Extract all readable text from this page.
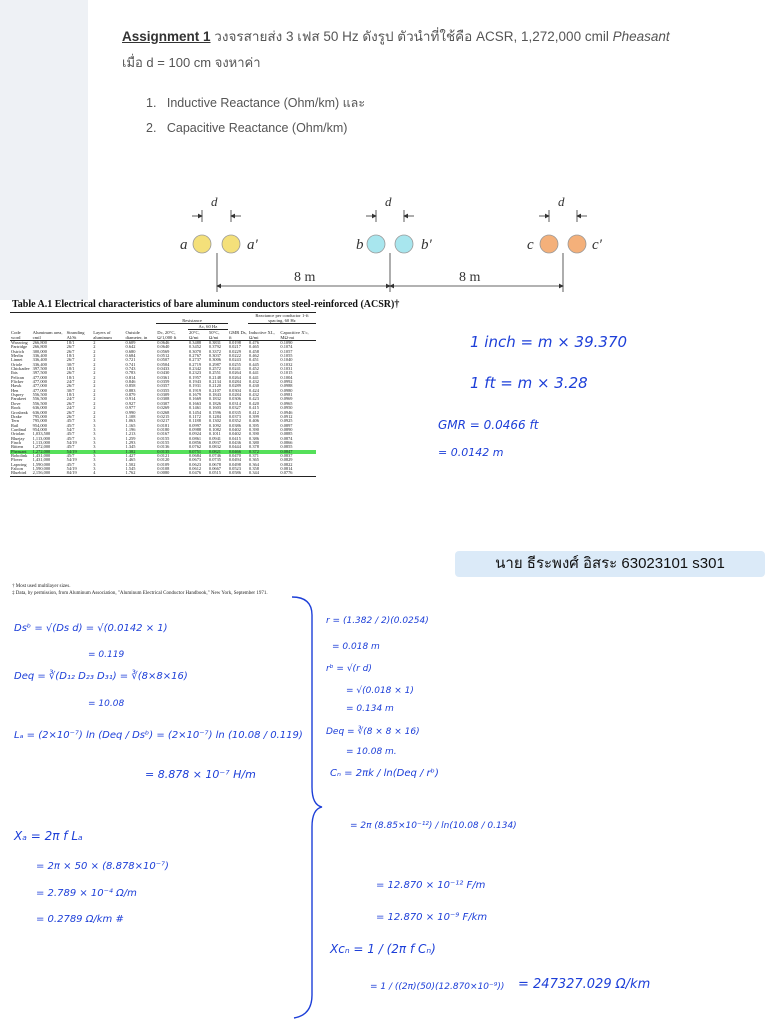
Assignment 1 วงจรสายส่ง 3 เฟส 50 Hz ดังรูป ตัวนำที่ใช้คือ ACSR, 1,272,000 cmil Pheasant
เมื่อ d = 100 cm จงหาค่า
1. Inductive Reactance (Ohm/km) และ
2. Capacitive Reactance (Ohm/km)
d	d	d
a	a′	b	b′	c	c′
8 m	8 m
Table A.1 Electrical characteristics of bare aluminum conductors steel-reinforced (ACSR)†
					Resistance				Reactance per conductor 1-ft spacing, 60 Hz	
						Ac, 60 Hz				
Code word	Aluminum area, cmil	Stranding Al/St	Layers of aluminum	Outside diameter, in	Dc, 20°C, Ω/1,000 ft	20°C, Ω/mi	50°C, Ω/mi	GMR Ds, ft	Inductive XL, Ω/mi	Capacitive X′c, MΩ·mi
Waxwing	266,800	18/1	2	0.609	0.0646	0.3488	0.3831	0.0198	0.476	0.1090
Partridge	266,800	26/7	2	0.642	0.0640	0.3452	0.3792	0.0217	0.465	0.1074
Ostrich	300,000	26/7	2	0.680	0.0569	0.3070	0.3372	0.0229	0.458	0.1057
Merlin	336,400	18/1	2	0.684	0.0512	0.2767	0.3037	0.0222	0.462	0.1055
Linnet	336,400	26/7	2	0.721	0.0507	0.2737	0.3006	0.0243	0.451	0.1040
Oriole	336,400	30/7	2	0.741	0.0504	0.2719	0.2987	0.0255	0.445	0.1032
Chickadee	397,500	18/1	2	0.743	0.0433	0.2342	0.2572	0.0241	0.452	0.1031
Ibis	397,500	26/7	2	0.783	0.0430	0.2323	0.2551	0.0264	0.441	0.1015
Pelican	477,000	18/1	2	0.814	0.0361	0.1957	0.2148	0.0264	0.441	0.1004
Flicker	477,000	24/7	2	0.846	0.0359	0.1943	0.2134	0.0284	0.432	0.0992
Hawk	477,000	26/7	2	0.858	0.0357	0.1931	0.2120	0.0289	0.430	0.0988
Hen	477,000	30/7	2	0.883	0.0355	0.1919	0.2107	0.0304	0.424	0.0980
Osprey	556,500	18/1	2	0.879	0.0309	0.1679	0.1843	0.0284	0.432	0.0981
Parakeet	556,500	24/7	2	0.914	0.0308	0.1669	0.1832	0.0306	0.423	0.0969
Dove	556,500	26/7	2	0.927	0.0307	0.1663	0.1826	0.0314	0.420	0.0965
Rook	636,000	24/7	2	0.977	0.0269	0.1461	0.1603	0.0327	0.415	0.0950
Grosbeak	636,000	26/7	2	0.990	0.0268	0.1454	0.1596	0.0335	0.412	0.0946
Drake	795,000	26/7	2	1.108	0.0215	0.1172	0.1284	0.0373	0.399	0.0912
Tern	795,000	45/7	3	1.063	0.0217	0.1188	0.1302	0.0352	0.406	0.0925
Rail	954,000	45/7	3	1.165	0.0181	0.0997	0.1092	0.0386	0.395	0.0897
Cardinal	954,000	54/7	3	1.196	0.0180	0.0988	0.1082	0.0402	0.390	0.0890
Ortolan	1,033,500	45/7	3	1.213	0.0167	0.0924	0.1011	0.0402	0.390	0.0885
Bluejay	1,113,000	45/7	3	1.259	0.0155	0.0861	0.0941	0.0415	0.386	0.0874
Finch	1,113,000	54/19	3	1.293	0.0155	0.0856	0.0937	0.0436	0.380	0.0866
Bittern	1,272,000	45/7	3	1.345	0.0136	0.0762	0.0832	0.0444	0.378	0.0855
Pheasant	1,272,000	54/19	3	1.382	0.0135	0.0751	0.0821	0.0466	0.372	0.0847
Bobolink	1,431,000	45/7	3	1.427	0.0121	0.0684	0.0746	0.0470	0.371	0.0837
Plover	1,431,000	54/19	3	1.465	0.0120	0.0673	0.0735	0.0494	0.365	0.0829
Lapwing	1,590,000	45/7	3	1.502	0.0109	0.0623	0.0678	0.0498	0.364	0.0822
Falcon	1,590,000	54/19	3	1.545	0.0108	0.0612	0.0667	0.0523	0.358	0.0814
Bluebird	2,156,000	84/19	4	1.762	0.0080	0.0476	0.0515	0.0586	0.344	0.0776
† Most used multilayer sizes.
‡ Data, by permission, from Aluminum Association, "Aluminum Electrical Conductor Handbook," New York, September 1971.
1 inch = m × 39.370
1 ft = m × 3.28
GMR = 0.0466 ft
= 0.0142 m
นาย ธีระพงศ์ อิสระ 63023101 s301
Dsᵇ = √(Ds d) = √(0.0142 × 1)
= 0.119
Deq = ∛(D₁₂ D₂₃ D₃₁) = ∛(8×8×16)
= 10.08
Lₐ = (2×10⁻⁷) ln (Deq / Dsᵇ) = (2×10⁻⁷) ln (10.08 / 0.119)
= 8.878 × 10⁻⁷ H/m
Xₐ = 2π f Lₐ
= 2π × 50 × (8.878×10⁻⁷)
= 2.789 × 10⁻⁴ Ω/m
= 0.2789 Ω/km #
r = (1.382 / 2)(0.0254)
= 0.018 m
rᵇ = √(r d)
= √(0.018 × 1)
= 0.134 m
Deq = ∛(8 × 8 × 16)
= 10.08 m.
Cₙ = 2πk / ln(Deq / rᵇ)
= 2π (8.85×10⁻¹²) / ln(10.08 / 0.134)
= 12.870 × 10⁻¹² F/m
= 12.870 × 10⁻⁹ F/km
Xcₙ = 1 / (2π f Cₙ)
= 1 / ((2π)(50)(12.870×10⁻⁹)) = 247327.029 Ω/km
